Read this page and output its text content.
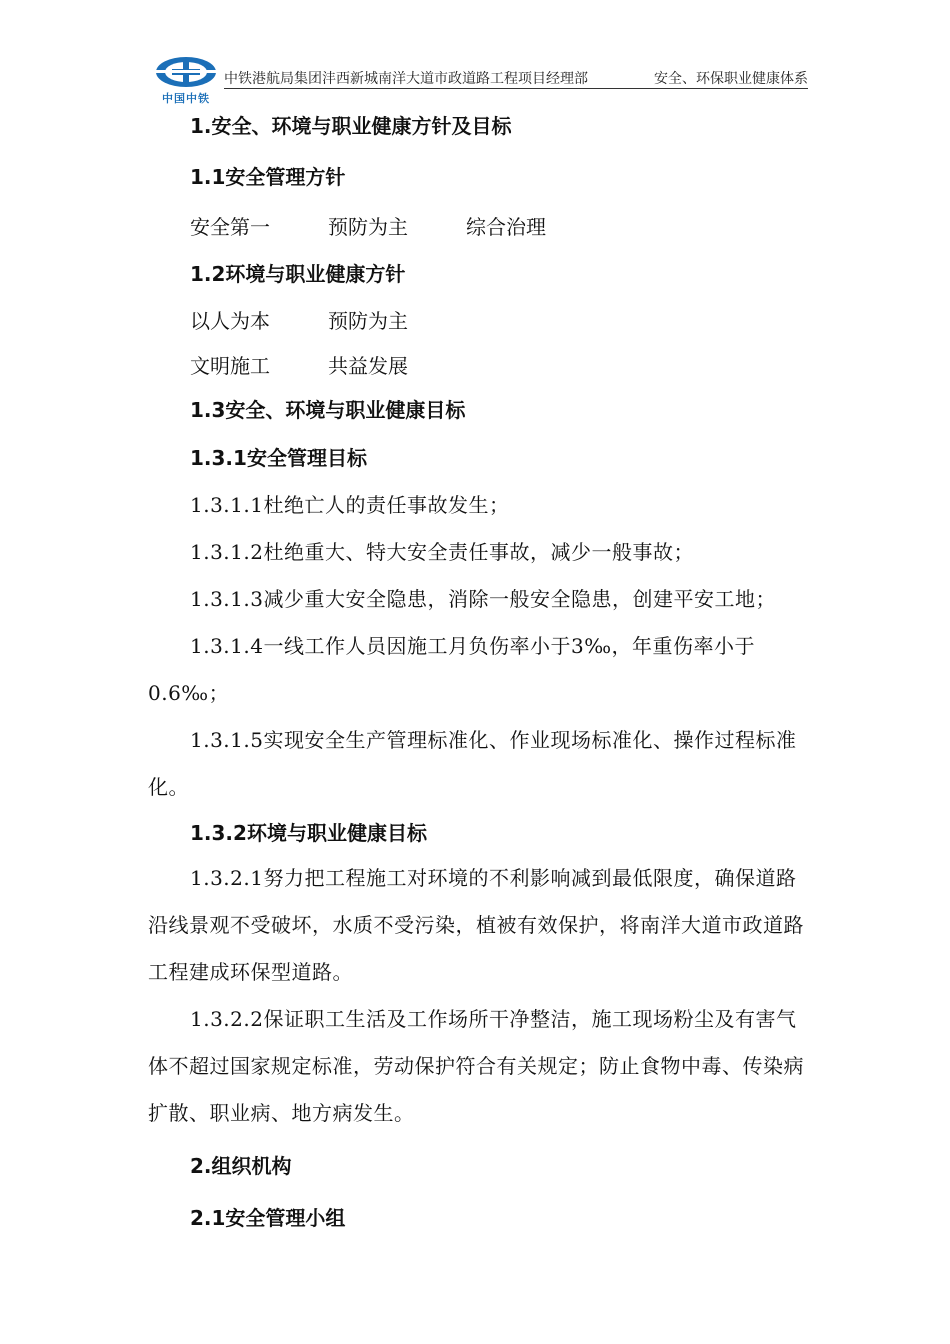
中国中铁
中铁港航局集团沣西新城南洋大道市政道路工程项目经理部	安全、环保职业健康体系

1.安全、环境与职业健康方针及目标

1.1安全管理方针

安全第一	预防为主	综合治理

1.2环境与职业健康方针

以人为本	预防为主

文明施工	共益发展

1.3安全、环境与职业健康目标

1.3.1安全管理目标

1.3.1.1杜绝亡人的责任事故发生；

1.3.1.2杜绝重大、特大安全责任事故，减少一般事故；

1.3.1.3减少重大安全隐患，消除一般安全隐患，创建平安工地；

1.3.1.4一线工作人员因施工月负伤率小于3‰，年重伤率小于0.6‰；

1.3.1.5实现安全生产管理标准化、作业现场标准化、操作过程标准化。

1.3.2环境与职业健康目标

1.3.2.1努力把工程施工对环境的不利影响减到最低限度，确保道路沿线景观不受破坏，水质不受污染，植被有效保护，将南洋大道市政道路工程建成环保型道路。

1.3.2.2保证职工生活及工作场所干净整洁，施工现场粉尘及有害气体不超过国家规定标准，劳动保护符合有关规定；防止食物中毒、传染病扩散、职业病、地方病发生。

2.组织机构

2.1安全管理小组
